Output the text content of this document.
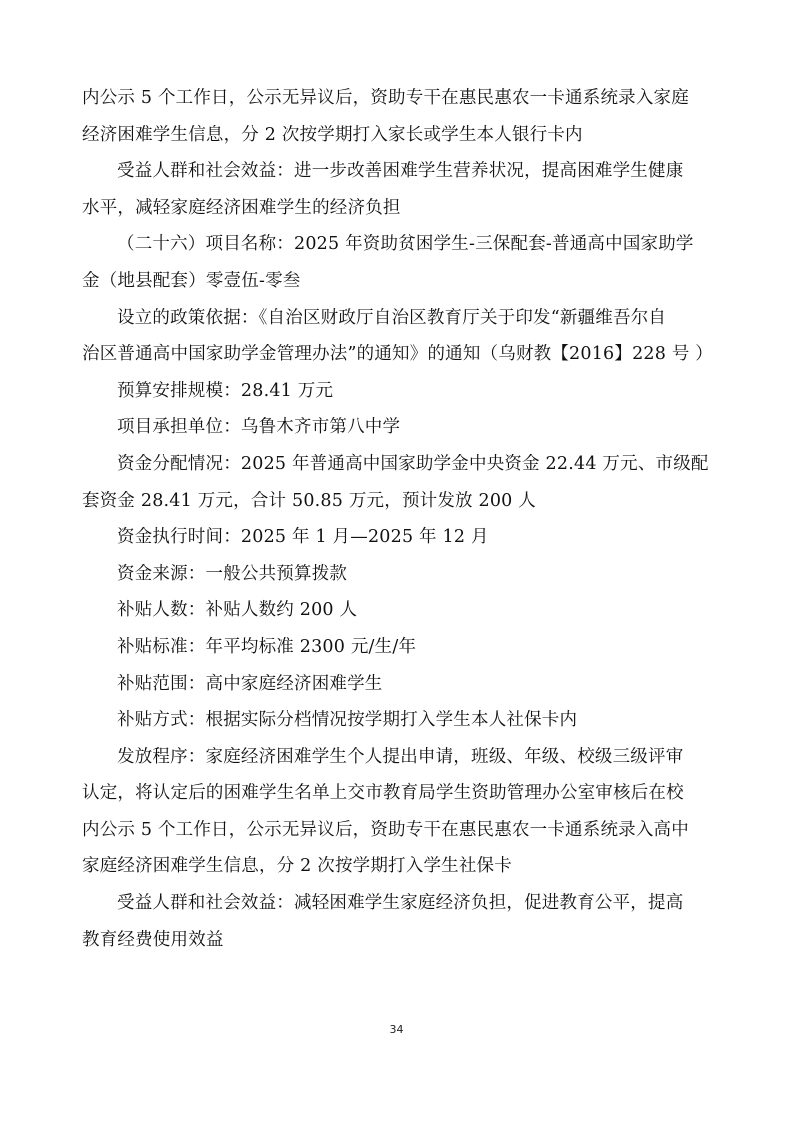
内公示 5 个工作日，公示无异议后，资助专干在惠民惠农一卡通系统录入家庭
经济困难学生信息，分 2 次按学期打入家长或学生本人银行卡内
受益人群和社会效益：进一步改善困难学生营养状况，提高困难学生健康
水平，减轻家庭经济困难学生的经济负担
（二十六）项目名称：2025 年资助贫困学生-三保配套-普通高中国家助学
金（地县配套）零壹伍-零叁
设立的政策依据：《自治区财政厅自治区教育厅关于印发“新疆维吾尔自
治区普通高中国家助学金管理办法”的通知》的通知（乌财教【2016】228 号 ）
预算安排规模：28.41 万元
项目承担单位：乌鲁木齐市第八中学
资金分配情况：2025 年普通高中国家助学金中央资金 22.44 万元、市级配
套资金 28.41 万元，合计 50.85 万元，预计发放 200 人
资金执行时间：2025 年 1 月—2025 年 12 月
资金来源：一般公共预算拨款
补贴人数：补贴人数约 200 人
补贴标准：年平均标准 2300 元/生/年
补贴范围：高中家庭经济困难学生
补贴方式：根据实际分档情况按学期打入学生本人社保卡内
发放程序：家庭经济困难学生个人提出申请，班级、年级、校级三级评审
认定，将认定后的困难学生名单上交市教育局学生资助管理办公室审核后在校
内公示 5 个工作日，公示无异议后，资助专干在惠民惠农一卡通系统录入高中
家庭经济困难学生信息，分 2 次按学期打入学生社保卡
受益人群和社会效益：减轻困难学生家庭经济负担，促进教育公平，提高
教育经费使用效益
34
